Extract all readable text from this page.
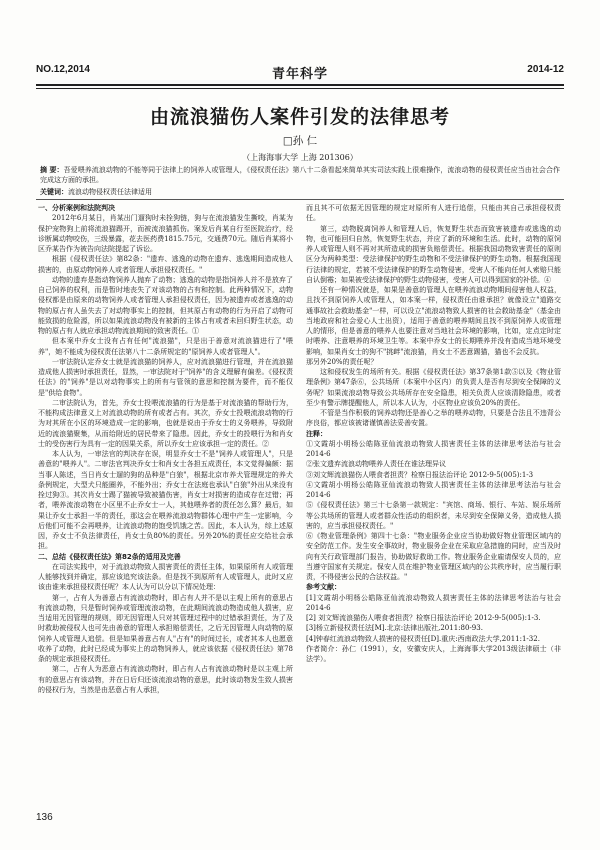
NO.12,2014	青年科学	2014-12
由流浪猫伤人案件引发的法律思考
□孙 仁
（上海海事大学 上海 201306）
摘 要：吾爱喂养流浪动物的不能等同于法律上的饲养人或管理人，《侵权责任法》第八十二条看起来简单其实司法实践上很难操作，流浪动物的侵权责任应当由社会合作完成这方面的承担。
关键词：流浪动物侵权责任法律适用

一、分析案例和法院判决

2012年6月某日，肖某出门遛狗时未拴狗链，狗与在流浪猫发生撕咬，肖某为保护宠物狗上前将流浪猫踢开，而被流浪猫抓伤。案发后肖某自行至医院治疗，经诊断属动物咬伤，三级暴露，花去医药费1815.75元，交通费70元。随后肖某将小区乔某告作为被告向法院提起了诉讼。

根据《侵权责任法》第82条："遗弃、逃逸的动物在遗弃、逃逸期间造成他人损害的，由原动物饲养人或者管理人承担侵权责任。"

动物的遗弃是指动物饲养人抛弃了动物；逃逸的动物是指饲养人并不是放弃了自己饲养的权利，而是暂时地丧失了对该动物的占有和控制。此两种情况下，动物侵权都是由原来的动物饲养人或者管理人承担侵权责任，因为被遗弃或者逃逸的动物的原占有人虽失去了对动物事实上的控制，但其原占有动物的行为开启了动物可能致损的危险源，所以如果流浪动物没有被新的主体占有或者未回归野生状态，动物的原占有人就应承担动物流浪期间的致害责任。①

但本案中乔女士没有占有任何"流浪猫"，只是出于善意对流浪猫进行了"喂养"，她不能成为侵权责任法第八十二条所规定的"原饲养人或者管理人"。

一审法院认定乔女士就是流浪猫的饲养人，应对流浪猫进行管理，并在流浪猫造成他人损害时承担责任，显然，一审法院对于"饲养"的含义理解有偏差。《侵权责任法》的"饲养"是以对动物事实上的所有与管领的意思和控制为要件，而不能仅是"供给食物"。

二审法院认为，首先，乔女士投喂流浪猫的行为是基于对流浪猫的帮助行为，不能构成法律意义上对流浪动物的所有或者占有。其次，乔女士投喂流浪动物的行为对其所在小区的环境造成一定的影响，也就是说由于乔女士的义务喂养，导致附近的流浪猫聚集，从而给附近的居民带来了隐患。因此，乔女士的投喂行为和肖女士的受伤害行为具有一定的因果关系，所以乔女士应该承担一定的责任。②

本人认为，一审法官的判决存在误，明显乔女士不是"饲养人或管理人"，只是善意的"喂养人"。二审法官判决乔女士和肖女士各担五成责任，本文觉得偏颇：据当事人陈述，当日肖女士遛的狗的品种是"白狼"，根据北京市养犬管理规定的养犬条例规定，大型犬只能圈养，不能外出；乔女士在法庭也承认"白狼"外出从来没有拴过狗③。其次肖女士踢了猫被导致被猫伤害，肖女士对损害的造成存在过错；再者，喂养流浪动物在小区里不止乔女士一人，其他喂养者的责任怎么算？最后，如果让乔女士承担一半的责任，那这会在喂养流浪动物群体心理中产生一定影响，今后他们可能不会再喂养，让流浪动物的饱受饥饿之苦。因此，本人认为，综上述原因，乔女士不负法律责任，肖女士负80%的责任。另外20%的责任应交给社会承担。

二、总结《侵权责任法》第82条的适用及完善

在司法实践中，对于流浪动物致人损害责任的责任主体，如果原所有人或管理人能够找到并确定，那应该追究该法条。但是找不到原所有人或管理人，此时又应该由谁来承担侵权责任呢？本人认为可以分以下情况处理：

第一，占有人为善意占有流浪动物时，即占有人并不是以主观上所有的意思占有流浪动物，只是暂时饲养或管理流浪动物，在此期间流浪动物造成他人损害，应当适用无因管理的规则，即无因管理人只对其管理过程中的过错承担责任，为了及时救助被侵权人也可先由善意的管理人承担赔偿责任，之后无因管理人向动物的原饲养人或管理人追偿。但是如果善意占有人"占有"的时间过长，或者其本人也愿意收养了动物，此时已经成为事实上的动物饲养人，就应该依据《侵权责任法》第78条的规定承担侵权责任。

第二，占有人为恶意占有流浪动物时，即占有人占有流浪动物时是以主观上所有的意思占有该动物，并在日后归还该流浪动物的意思，此时该动物发生致人损害的侵权行为，当然是由恶意占有人承担，

而且其不可依据无因管理的规定对原所有人进行追偿，只能由其自己承担侵权责任。

第三，动物脱离饲养人和管理人后，恢复野生状态而致害被遗弃或逃逸的动物，也可能回归自然，恢复野生状态，并应了新的环境和生活。此时，动物的原饲养人或管理人则不再对其所造成的损害负赔偿责任。根据我国动物致害责任的原则区分为两种类型：受法律保护的野生动物和不受法律保护的野生动物。根据我国现行法律的规定，若被不受法律保护的野生动物侵害，受害人不能向任何人索赔只能自认倒霉；如果被受法律保护的野生动物侵害，受害人可以得到国家的补偿。④

还有一种情况就是，如果是善意的管理人在喂养流浪动物期间侵害他人权益，且找不到原饲养人或管理人，如本案一样，侵权责任由谁承担？就像设立"道路交通事故社会救助基金"一样，可以设立"流浪动物致人损害的社会救助基金"（基金由当地政府和社会爱心人士出资），适用于善意的喂养期间且找不到原饲养人或管理人的情形，但是善意的喂养人也要注意对当地社会环境的影响，比如，定点定时定时喂养、注意喂养的环境卫生等。本案中乔女士的长期喂养并没有造成当地环境受影响，如果肖女士的狗不"挑衅"流浪猫，肖女士不恶意踢猫，猫也不会反抗。

那另外20%的责任呢？

这和侵权发生的场所有关。根据《侵权责任法》第37条第1款⑤以及《物业管理条例》第47条⑥，公共场所（本案中小区内）的负责人是否有尽到安全保障的义务呢？如果流浪动物导致公共场所存在安全隐患，相关负责人应该清除隐患，或者至少有警示牌提醒他人，所以本人认为，小区物业应该负20%的责任。

不管是当作积极的饲养动物还是善心之举的喂养动物，只要是合法且不违背公序良俗，都应该被诸谨慎善法妥善安置。

注释：

①文霞胡小明杨公皓陈亚仙流浪动物致人损害责任主体的法律思考法治与社会2014-6

②张文遗弃流浪动物喂养人责任在谁法理异议

③刘文辉流浪猫伤人喂食者担责？检察日报法治评论 2012-9-5(005):1-3

④文霞胡小明杨公皓陈亚仙流浪动物致人损害责任主体的法律思考法治与社会2014-6

⑤《侵权责任法》第三十七条第一款规定："宾馆、商场、银行、车站、娱乐场所等公共场所的管理人或者群众性活动的组织者，未尽到安全保障义务，造成他人损害的，应当承担侵权责任。"

⑥《物业管理条例》第四十七条："物业服务企业应当协助做好物业管理区域内的安全防范工作。发生安全事故时，物业服务企业在采取应急措施的同时，应当及时向有关行政管理部门报告，协助做好救助工作。物业服务企业雇请保安人员的，应当遵守国家有关规定。保安人员在维护物业管理区域内的公共秩序时，应当履行职责，不得侵害公民的合法权益。"

参考文献：

[1]文霞胡小明杨公皓陈亚仙流浪动物致人损害责任主体的法律思考法治与社会2014-6

[2] 刘文辉流浪猫伤人喂食者担责？检察日报法治评论 2012-9-5(005):1-3.

[3]杨立新侵权责任法[M].北京:法律出版社,2011:80-93.

[4]钟春红流浪动物致人损害的侵权责任[D].重庆:西南政法大学,2011:1-32.

作者简介：孙仁（1991），女，安徽安庆人，上海海事大学2013级法律硕士（非法学）。

136
